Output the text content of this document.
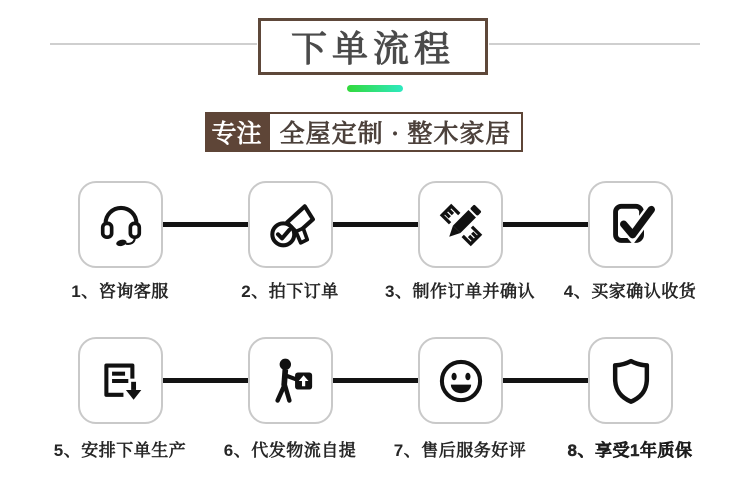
下单流程
专注 全屋定制 · 整木家居
1、咨询客服	2、拍下订单	3、制作订单并确认	4、买家确认收货
5、安排下单生产	6、代发物流自提	7、售后服务好评	8、享受1年质保
